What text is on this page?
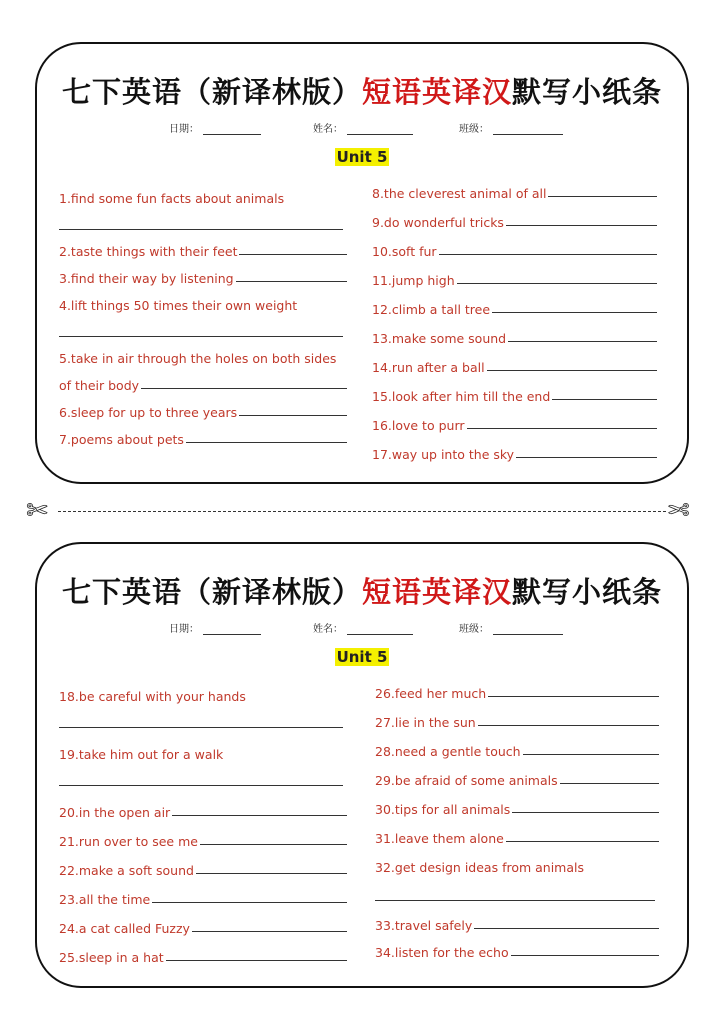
七下英语（新译林版）短语英译汉默写小纸条
日期：	姓名：	班级：
Unit 5
1.find some fun facts about animals
2.taste things with their feet
3.find their way by listening
4.lift things 50 times their own weight
5.take in air through the holes on both sides
of their body
6.sleep for up to three years
7.poems about pets
8.the cleverest animal of all
9.do wonderful tricks
10.soft fur
11.jump high
12.climb a tall tree
13.make some sound
14.run after a ball
15.look after him till the end
16.love to purr
17.way up into the sky
✄	✄
七下英语（新译林版）短语英译汉默写小纸条
日期：	姓名：	班级：
Unit 5
18.be careful with your hands
19.take him out for a walk
20.in the open air
21.run over to see me
22.make a soft sound
23.all the time
24.a cat called Fuzzy
25.sleep in a hat
26.feed her much
27.lie in the sun
28.need a gentle touch
29.be afraid of some animals
30.tips for all animals
31.leave them alone
32.get design ideas from animals
33.travel safely
34.listen for the echo
